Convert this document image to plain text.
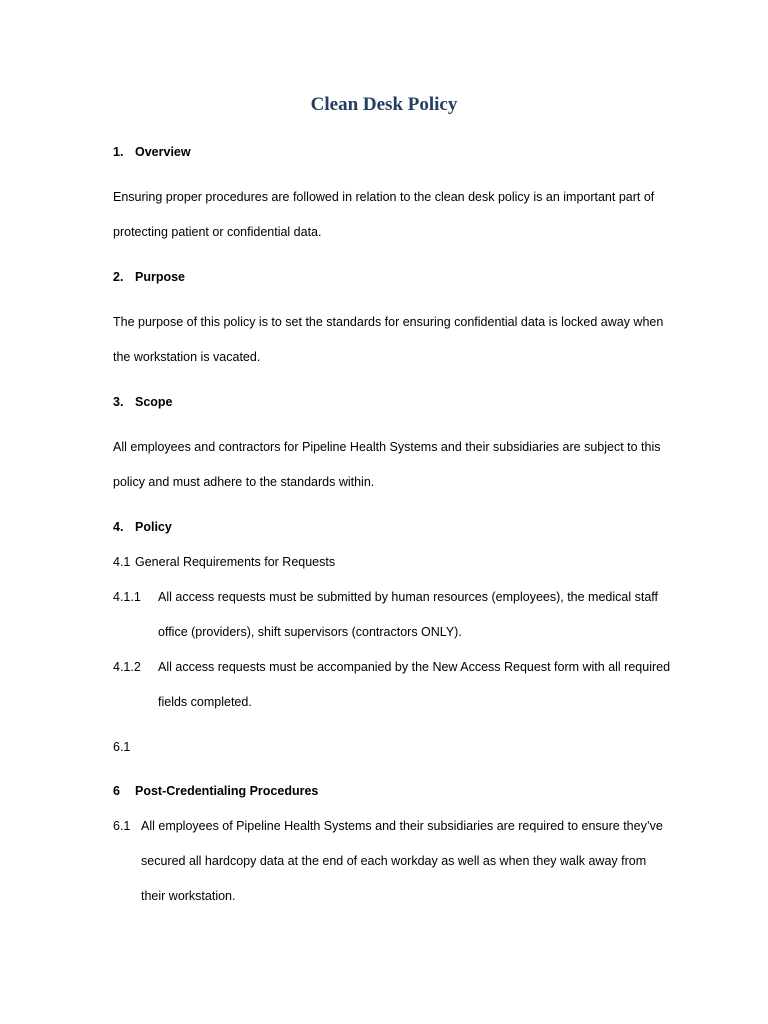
Clean Desk Policy
1. Overview
Ensuring proper procedures are followed in relation to the clean desk policy is an important part of
protecting patient or confidential data.
2. Purpose
The purpose of this policy is to set the standards for ensuring confidential data is locked away when
the workstation is vacated.
3. Scope
All employees and contractors for Pipeline Health Systems and their subsidiaries are subject to this
policy and must adhere to the standards within.
4. Policy
4.1 General Requirements for Requests
4.1.1 All access requests must be submitted by human resources (employees), the medical staff
office (providers), shift supervisors (contractors ONLY).
4.1.2 All access requests must be accompanied by the New Access Request form with all required
fields completed.
6.1
6 Post-Credentialing Procedures
6.1 All employees of Pipeline Health Systems and their subsidiaries are required to ensure they’ve
secured all hardcopy data at the end of each workday as well as when they walk away from
their workstation.
